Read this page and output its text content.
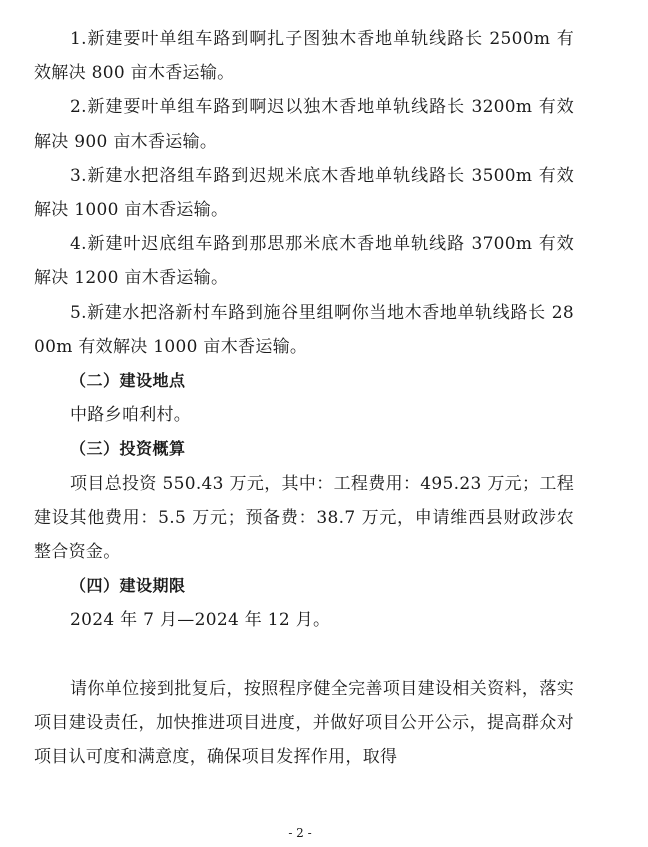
1.新建要叶单组车路到啊扎子图独木香地单轨线路长 2500m 有效解决 800 亩木香运输。

2.新建要叶单组车路到啊迟以独木香地单轨线路长 3200m 有效解决 900 亩木香运输。

3.新建水把洛组车路到迟规米底木香地单轨线路长 3500m 有效解决 1000 亩木香运输。

4.新建叶迟底组车路到那思那米底木香地单轨线路 3700m 有效解决 1200 亩木香运输。

5.新建水把洛新村车路到施谷里组啊你当地木香地单轨线路长 2800m 有效解决 1000 亩木香运输。

（二）建设地点

中路乡咱利村。

（三）投资概算

项目总投资 550.43 万元，其中：工程费用：495.23 万元；工程建设其他费用：5.5 万元；预备费：38.7 万元，申请维西县财政涉农整合资金。

（四）建设期限

2024 年 7 月—2024 年 12 月。

请你单位接到批复后，按照程序健全完善项目建设相关资料，落实项目建设责任，加快推进项目进度，并做好项目公开公示，提高群众对项目认可度和满意度，确保项目发挥作用，取得

- 2 -
